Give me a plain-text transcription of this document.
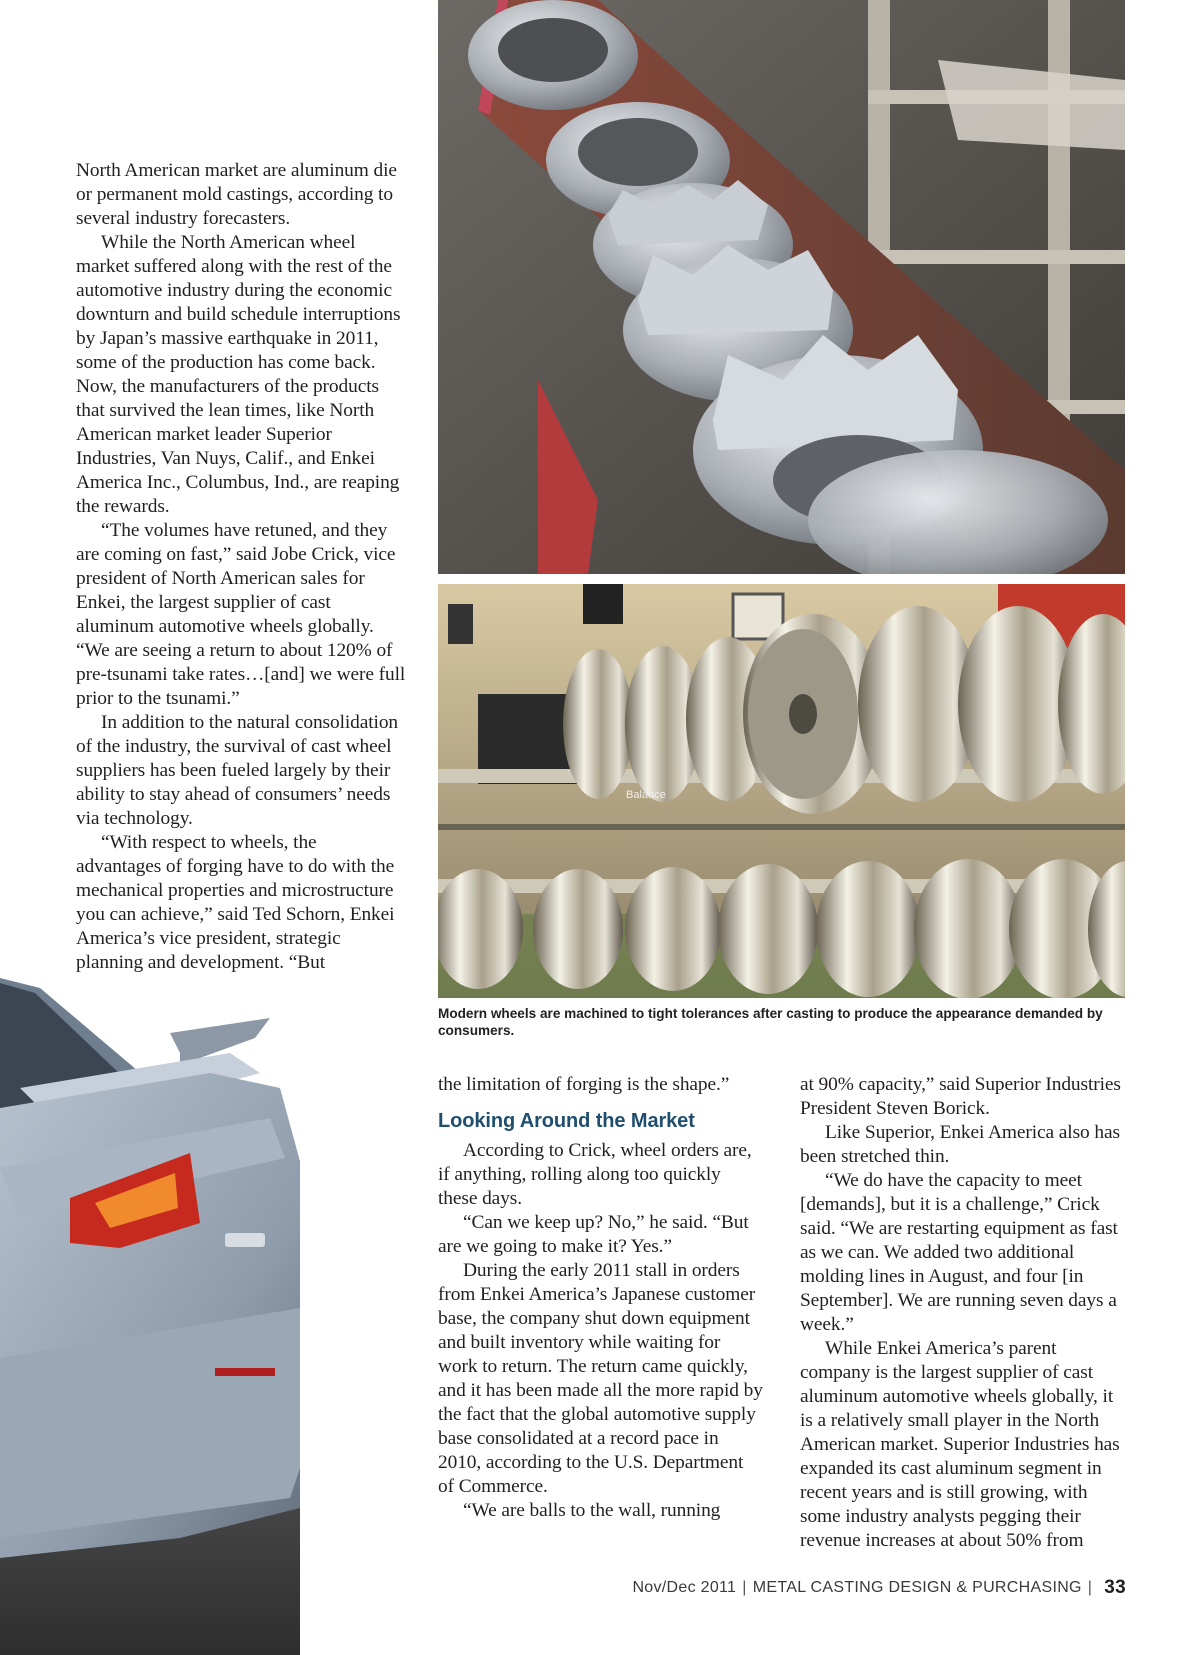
Balance

North American market are aluminum die or permanent mold castings, according to several industry forecasters.

While the North American wheel market suffered along with the rest of the automotive industry during the economic downturn and build schedule interruptions by Japan’s massive earthquake in 2011, some of the production has come back. Now, the manufacturers of the products that survived the lean times, like North American market leader Superior Industries, Van Nuys, Calif., and Enkei America Inc., Columbus, Ind., are reaping the rewards.

“The volumes have retuned, and they are coming on fast,” said Jobe Crick, vice president of North American sales for Enkei, the largest supplier of cast aluminum automotive wheels globally. “We are seeing a return to about 120% of pre-tsunami take rates…[and] we were full prior to the tsunami.”

In addition to the natural consolidation of the industry, the survival of cast wheel suppliers has been fueled largely by their ability to stay ahead of consumers’ needs via technology.

“With respect to wheels, the advantages of forging have to do with the mechanical properties and microstructure you can achieve,” said Ted Schorn, Enkei America’s vice president, strategic planning and development. “But

Modern wheels are machined to tight tolerances after casting to produce the appearance demanded by consumers.

the limitation of forging is the shape.”

Looking Around the Market

According to Crick, wheel orders are, if anything, rolling along too quickly these days.

“Can we keep up? No,” he said. “But are we going to make it? Yes.”

During the early 2011 stall in orders from Enkei America’s Japanese customer base, the company shut down equipment and built inventory while waiting for work to return. The return came quickly, and it has been made all the more rapid by the fact that the global automotive supply base consolidated at a record pace in 2010, according to the U.S. Department of Commerce.

“We are balls to the wall, running

at 90% capacity,” said Superior Industries President Steven Borick.

Like Superior, Enkei America also has been stretched thin.

“We do have the capacity to meet [demands], but it is a challenge,” Crick said. “We are restarting equipment as fast as we can. We added two additional molding lines in August, and four [in September]. We are running seven days a week.”

While Enkei America’s parent company is the largest supplier of cast aluminum automotive wheels globally, it is a relatively small player in the North American market. Superior Industries has expanded its cast aluminum segment in recent years and is still growing, with some industry analysts pegging their revenue increases at about 50% from

Nov/Dec 2011 | METAL CASTING DESIGN & PURCHASING | 33
